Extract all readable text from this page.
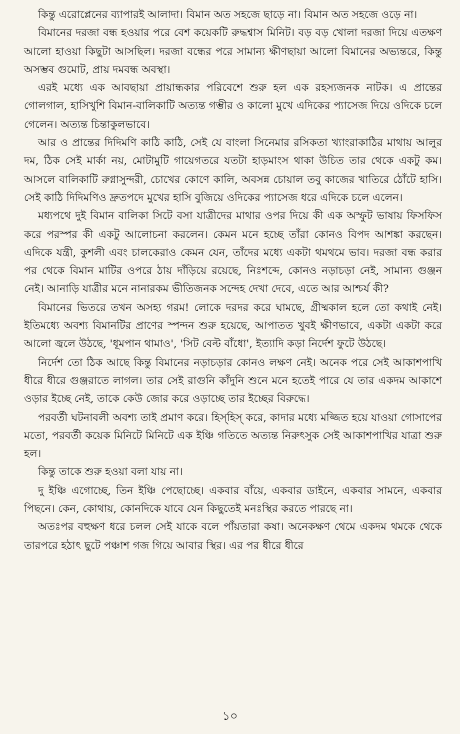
কিন্তু এরোপ্লেনের ব্যাপারই আলাদা। বিমান অত সহজে ছাড়ে না। বিমান অত সহজে ওড়ে না।

বিমানের দরজা বন্ধ হওয়ার পরে বেশ কয়েকটি রুদ্ধশ্বাস মিনিট। বড় বড় খোলা দরজা দিয়ে এতক্ষণ আলো হাওয়া কিছুটা আসছিল। দরজা বন্ধের পরে সামান্য ক্ষীণছায়া আলো বিমানের অভ্যন্তরে, কিন্তু অসম্ভব গুমোট, প্রায় দমবন্ধ অবস্থা।

এরই মধ্যে এক আবছায়া প্রায়ান্ধকার পরিবেশে শুরু হল এক রহস্যজনক নাটক। এ প্রান্তের গোলগাল, হাসিখুশি বিমান-বালিকাটি অত্যন্ত গম্ভীর ও কালো মুখে এদিকের প্যাসেজ দিয়ে ওদিকে চলে গেলেন। অত্যন্ত চিন্তাকুলভাবে।

আর ও প্রান্তের দিদিমণি কাঠি কাঠি, সেই যে বাংলা সিনেমার রসিকতা খ্যাংরাকাঠির মাথায় আলুর দম, ঠিক সেই মার্কা নয়, মোটামুটি গায়েগতরে যতটা হাড়মাংস থাকা উচিত তার থেকে একটু কম। আসলে বালিকাটি রুগ্নাসুন্দরী, চোখের কোণে কালি, অবসন্ন চোয়াল তবু কাজের খাতিরে ঠোঁটে হাসি। সেই কাঠি দিদিমণিও দ্রুতপদে মুখের হাসি বুজিয়ে ওদিকের প্যাসেজ ধরে এদিকে চলে এলেন।

মধ্যপথে দুই বিমান বালিকা সিটে বসা যাত্রীদের মাথার ওপর দিয়ে কী এক অস্ফুট ভাষায় ফিসফিস করে পরস্পর কী একটু আলোচনা করলেন। কেমন মনে হচ্ছে তাঁরা কোনও বিপদ আশঙ্কা করছেন। এদিকে যন্ত্রী, কুশলী এবং চালকেরাও কেমন যেন, তাঁদের মধ্যে একটা থমথমে ভাব। দরজা বন্ধ করার পর থেকে বিমান মাটির ওপরে ঠায় দাঁড়িয়ে রয়েছে, নিঃশব্দে, কোনও নড়াচড়া নেই, সামান্য গুঞ্জন নেই। আনাড়ি যাত্রীর মনে নানারকম ভীতিজনক সন্দেহ দেখা দেবে, এতে আর আশ্চর্য কী?

বিমানের ভিতরে তখন অসহ্য গরম! লোকে দরদর করে ঘামছে, গ্রীষ্মকাল হলে তো কথাই নেই। ইতিমধ্যে অবশ্য বিমানটির প্রাণের স্পন্দন শুরু হয়েছে, আপাতত খুবই ক্ষীণভাবে, একটা একটা করে আলো জ্বলে উঠছে, 'ধূমপান থামাও', 'সিট বেল্ট বাঁধো', ইত্যাদি কড়া নির্দেশ ফুটে উঠছে।

নির্দেশ তো ঠিক আছে কিন্তু বিমানের নড়াচড়ার কোনও লক্ষণ নেই। অনেক পরে সেই আকাশপাখি ধীরে ধীরে গুঞ্জরাতে লাগল। তার সেই রাগুনি কাঁদুনি শুনে মনে হতেই পারে যে তার একদম আকাশে ওড়ার ইচ্ছে নেই, তাকে কেউ জোর করে ওড়াচ্ছে তার ইচ্ছের বিরুদ্ধে।

পরবর্তী ঘটনাবলী অবশ্য তাই প্রমাণ করে। হিস্‌হিস্ করে, কাদার মধ্যে মজ্জিত হয়ে যাওয়া গোসাপের মতো, পরবর্তী কয়েক মিনিটে মিনিটে এক ইঞ্চি গতিতে অত্যন্ত নিরুৎসুক সেই আকাশপাখির যাত্রা শুরু হল।

কিন্তু তাকে শুরু হওয়া বলা যায় না।

দু ইঞ্চি এগোচ্ছে, তিন ইঞ্চি পেছোচ্ছে। একবার বাঁয়ে, একবার ডাইনে, একবার সামনে, একবার পিছনে। কেন, কোথায়, কোনদিকে যাবে যেন কিছুতেই মনঃস্থির করতে পারছে না।

অতঃপর বহুক্ষণ ধরে চলল সেই যাকে বলে পাঁয়তারা কষা। অনেকক্ষণ থেমে একদম থমকে থেকে তারপরে হঠাৎ ছুটে পঞ্চাশ গজ গিয়ে আবার স্থির। এর পর ধীরে ধীরে

১০
